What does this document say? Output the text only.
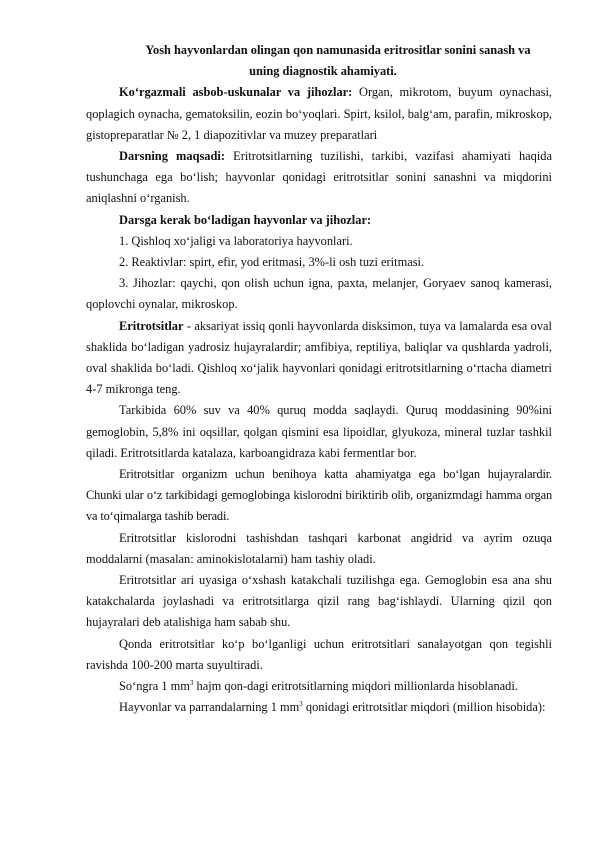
Yosh hayvonlardan olingan qon namunasida eritrositlar sonini sanash va
uning diagnostik ahamiyati.

Ko‘rgazmali asbob-uskunalar va jihozlar: Organ, mikrotom, buyum oynachasi, qoplagich oynacha, gematoksilin, eozin bo‘yoqlari. Spirt, ksilol, balg‘am, parafin, mikroskop, gistopreparatlar № 2, 1 diapozitivlar va muzey preparatlari

Darsning maqsadi: Eritrotsitlarning tuzilishi, tarkibi, vazifasi ahamiyati haqida tushunchaga ega bo‘lish; hayvonlar qonidagi eritrotsitlar sonini sanashni va miqdorini aniqlashni o‘rganish.

Darsga kerak bo‘ladigan hayvonlar va jihozlar:

1. Qishloq xo‘jaligi va laboratoriya hayvonlari.

2. Reaktivlar: spirt, efir, yod eritmasi, 3%-li osh tuzi eritmasi.

3. Jihozlar: qaychi, qon olish uchun igna, paxta, melanjer, Goryaev sanoq kamerasi, qoplovchi oynalar, mikroskop.

Eritrotsitlar - aksariyat issiq qonli hayvonlarda disksimon, tuya va lamalarda esa oval shaklida bo‘ladigan yadrosiz hujayralardir; amfibiya, reptiliya, baliqlar va qushlarda yadroli, oval shaklida bo‘ladi. Qishloq xo‘jalik hayvonlari qonidagi eritrotsitlarning o‘rtacha diametri 4-7 mikronga teng.

Tarkibida 60% suv va 40% quruq modda saqlaydi. Quruq moddasining 90%ini gemoglobin, 5,8% ini oqsillar, qolgan qismini esa lipoidlar, glyukoza, mineral tuzlar tashkil qiladi. Eritrotsitlarda katalaza, karboangidraza kabi fermentlar bor.

Eritrotsitlar organizm uchun benihoya katta ahamiyatga ega bo‘lgan hujayralardir. Chunki ular o‘z tarkibidagi gemoglobinga kislorodni biriktirib olib, organizmdagi hamma organ va to‘qimalarga tashib beradi.

Eritrotsitlar kislorodni tashishdan tashqari karbonat angidrid va ayrim ozuqa moddalarni (masalan: aminokislotalarni) ham tashiy oladi.

Eritrotsitlar ari uyasiga o‘xshash katakchali tuzilishga ega. Gemoglobin esa ana shu katakchalarda joylashadi va eritrotsitlarga qizil rang bag‘ishlaydi. Ularning qizil qon hujayralari deb atalishiga ham sabab shu.

Qonda eritrotsitlar ko‘p bo‘lganligi uchun eritrotsitlari sanalayotgan qon tegishli ravishda 100-200 marta suyultiradi.

So‘ngra 1 $mm^3$ hajm qon-dagi eritrotsitlarning miqdori millionlarda hisoblanadi.

Hayvonlar va parrandalarning 1 $mm^3$ qonidagi eritrotsitlar miqdori (million hisobida):
